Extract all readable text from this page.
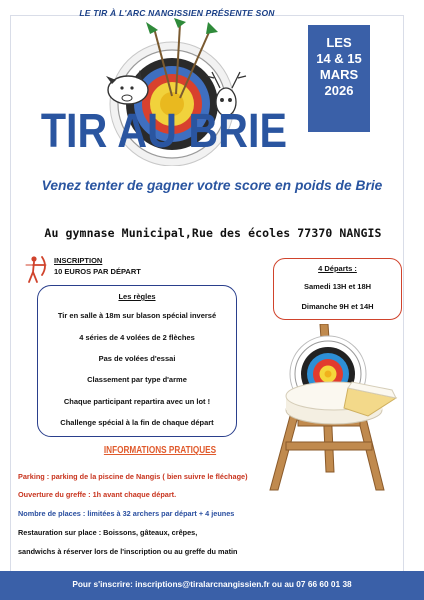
LE TIR À L'ARC NANGISSIEN PRÉSENTE SON
LES
14 & 15
MARS
2026
TIR AU BRIE
Venez tenter de gagner votre score en poids de Brie
Au gymnase Municipal,Rue des écoles 77370 NANGIS
INSCRIPTION
10 EUROS PAR DÉPART
Les règles
Tir en salle à 18m sur blason spécial inversé
4 séries de 4 volées de 2 flèches
Pas de volées d'essai
Classement par type d'arme
Chaque participant repartira avec un lot !
Challenge spécial à la fin de chaque départ
4 Départs :
Samedi 13H et 18H
Dimanche 9H et 14H
INFORMATIONS PRATIQUES
Parking : parking de la piscine de Nangis ( bien suivre le fléchage)
Ouverture du greffe : 1h avant chaque départ.
Nombre de places : limitées à 32 archers par départ + 4 jeunes
Restauration sur place : Boissons, gâteaux, crêpes,
sandwichs à réserver lors de l'inscription ou au greffe du matin
Pour s'inscrire: inscriptions@tiralarcnangissien.fr ou au 07 66 60 01 38
